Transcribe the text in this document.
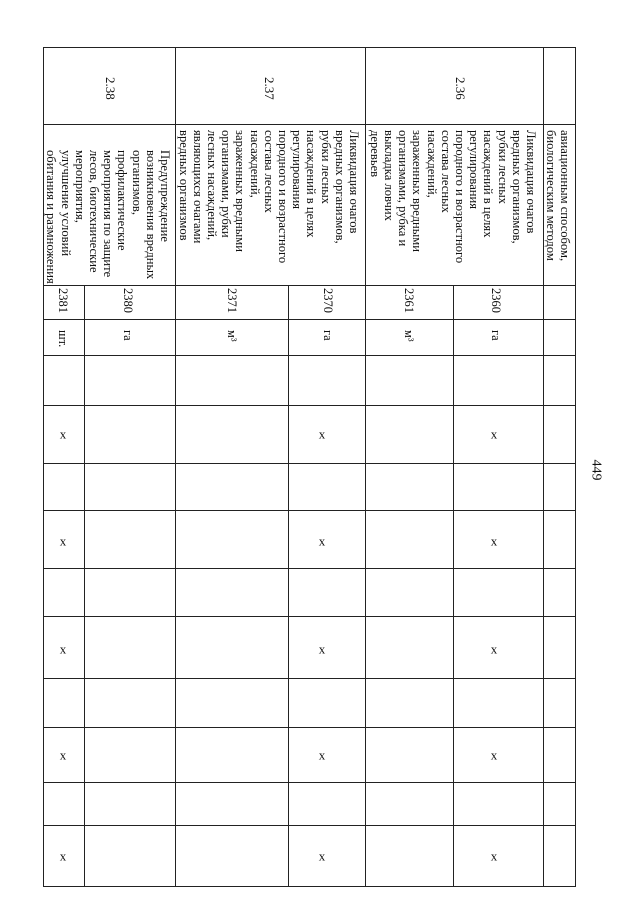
449
2.36
2.37
2.38
авиационным способом,
биологическим методом
Ликвидация очагов
вредных организмов,
рубки лесных
насаждений в целях
регулирования
породного и возрастного
состава лесных
насаждений,
зараженных вредными
организмами, рубка и
выкладка ловчих
деревьев
Ликвидация очагов
вредных организмов,
рубки лесных
насаждений в целях
регулирования
породного и возрастного
состава лесных
насаждений,
зараженных вредными
организмами, рубки
лесных насаждений,
являющихся очагами
вредных организмов
Предупреждение
возникновения вредных
организмов,
профилактические
мероприятия по защите
лесов, биотехнические
мероприятия,
улучшение условий
обитания и размножения
2360
2361
2370
2371
2380
2381
га
м³
га
м³
га
шт.
х
х
х
х
х
х
х
х
х
х
х
х
х
х
х
